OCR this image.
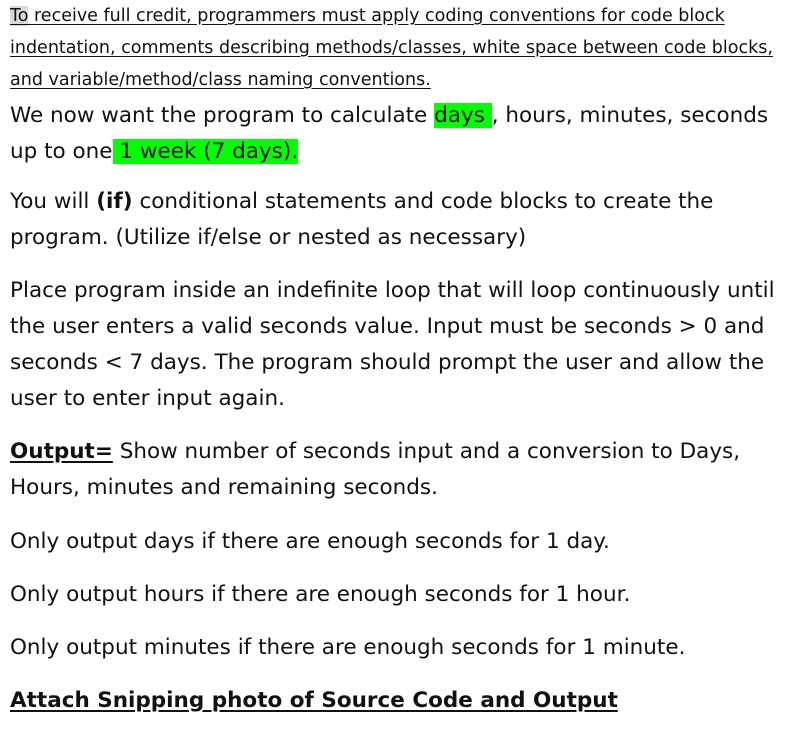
To receive full credit, programmers must apply coding conventions for code block indentation, comments describing methods/classes, white space between code blocks, and variable/method/class naming conventions.

We now want the program to calculate days , hours, minutes, seconds up to one 1 week (7 days).

You will (if) conditional statements and code blocks to create the program. (Utilize if/else or nested as necessary)

Place program inside an indefinite loop that will loop continuously until the user enters a valid seconds value. Input must be seconds > 0 and seconds < 7 days. The program should prompt the user and allow the user to enter input again.

Output= Show number of seconds input and a conversion to Days, Hours, minutes and remaining seconds.

Only output days if there are enough seconds for 1 day.

Only output hours if there are enough seconds for 1 hour.

Only output minutes if there are enough seconds for 1 minute.

Attach Snipping photo of Source Code and Output
